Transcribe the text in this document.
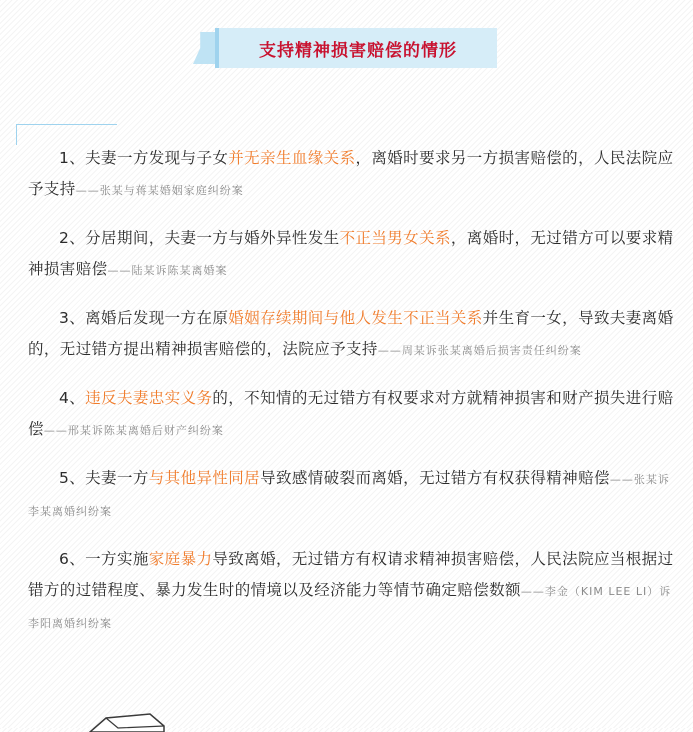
支持精神损害赔偿的情形

1、夫妻一方发现与子女并无亲生血缘关系，离婚时要求另一方损害赔偿的，人民法院应予支持——张某与蒋某婚姻家庭纠纷案

2、分居期间，夫妻一方与婚外异性发生不正当男女关系，离婚时，无过错方可以要求精神损害赔偿——陆某诉陈某离婚案

3、离婚后发现一方在原婚姻存续期间与他人发生不正当关系并生育一女，导致夫妻离婚的，无过错方提出精神损害赔偿的，法院应予支持——周某诉张某离婚后损害责任纠纷案

4、违反夫妻忠实义务的，不知情的无过错方有权要求对方就精神损害和财产损失进行赔偿——邢某诉陈某离婚后财产纠纷案

5、夫妻一方与其他异性同居导致感情破裂而离婚，无过错方有权获得精神赔偿——张某诉李某离婚纠纷案

6、一方实施家庭暴力导致离婚，无过错方有权请求精神损害赔偿，人民法院应当根据过错方的过错程度、暴力发生时的情境以及经济能力等情节确定赔偿数额——李金（KIM LEE LI）诉李阳离婚纠纷案
